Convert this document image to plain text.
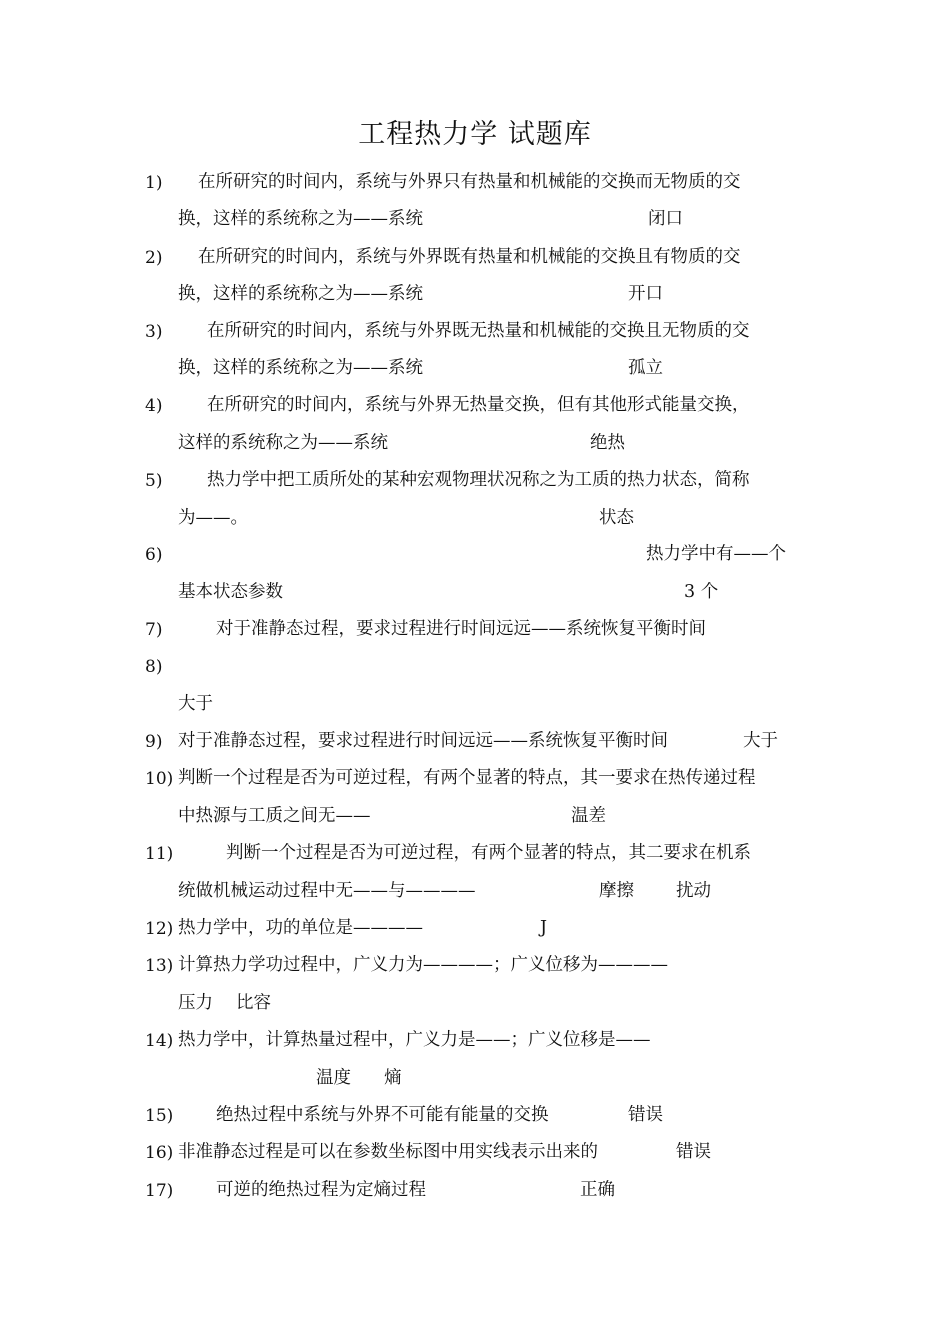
工程热力学 试题库
1) 在所研究的时间内，系统与外界只有热量和机械能的交换而无物质的交
换，这样的系统称之为——系统	闭口
2) 在所研究的时间内，系统与外界既有热量和机械能的交换且有物质的交
换，这样的系统称之为——系统	开口
3)	在所研究的时间内，系统与外界既无热量和机械能的交换且无物质的交
换，这样的系统称之为——系统	孤立
4)	在所研究的时间内，系统与外界无热量交换，但有其他形式能量交换，
这样的系统称之为——系统	绝热
5)	热力学中把工质所处的某种宏观物理状况称之为工质的热力状态，简称
为——。	状态
6)	热力学中有——个
基本状态参数	3 个
7)	对于准静态过程，要求过程进行时间远远——系统恢复平衡时间
8)
大于
9) 对于准静态过程，要求过程进行时间远远——系统恢复平衡时间	大于
10) 判断一个过程是否为可逆过程，有两个显著的特点，其一要求在热传递过程
中热源与工质之间无——	温差
11)	判断一个过程是否为可逆过程，有两个显著的特点，其二要求在机系
统做机械运动过程中无——与————	摩擦 扰动
12) 热力学中，功的单位是————	J
13) 计算热力学功过程中，广义力为————；广义位移为————
压力 比容
14) 热力学中，计算热量过程中，广义力是——；广义位移是——
温度 熵
15) 绝热过程中系统与外界不可能有能量的交换	错误
16) 非准静态过程是可以在参数坐标图中用实线表示出来的	错误
17) 可逆的绝热过程为定熵过程	正确
